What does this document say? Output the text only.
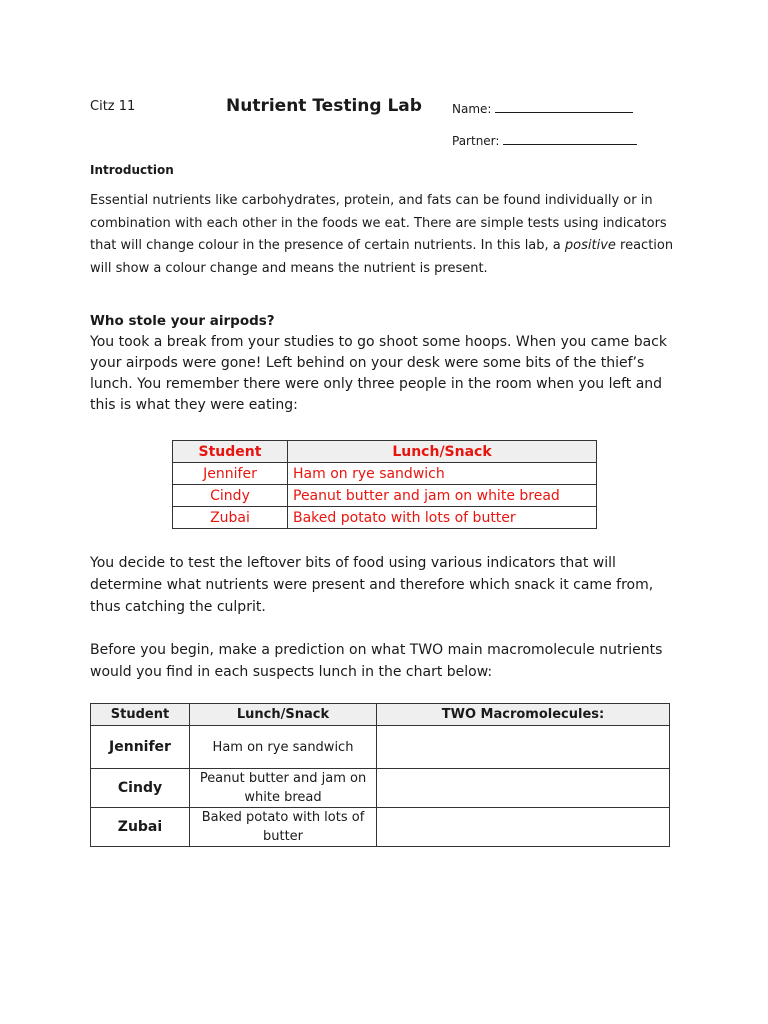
Citz 11	Nutrient Testing Lab	Name:
Partner:
Introduction
Essential nutrients like carbohydrates, protein, and fats can be found individually or in
combination with each other in the foods we eat. There are simple tests using indicators
that will change colour in the presence of certain nutrients. In this lab, a positive reaction
will show a colour change and means the nutrient is present.
Who stole your airpods?
You took a break from your studies to go shoot some hoops. When you came back
your airpods were gone! Left behind on your desk were some bits of the thief’s
lunch. You remember there were only three people in the room when you left and
this is what they were eating:
Student	Lunch/Snack
Jennifer	Ham on rye sandwich
Cindy	Peanut butter and jam on white bread
Zubai	Baked potato with lots of butter
You decide to test the leftover bits of food using various indicators that will
determine what nutrients were present and therefore which snack it came from,
thus catching the culprit.
Before you begin, make a prediction on what TWO main macromolecule nutrients
would you find in each suspects lunch in the chart below:
Student	Lunch/Snack	TWO Macromolecules:
Jennifer	Ham on rye sandwich	
Cindy	Peanut butter and jam on
white bread	
Zubai	Baked potato with lots of
butter	
